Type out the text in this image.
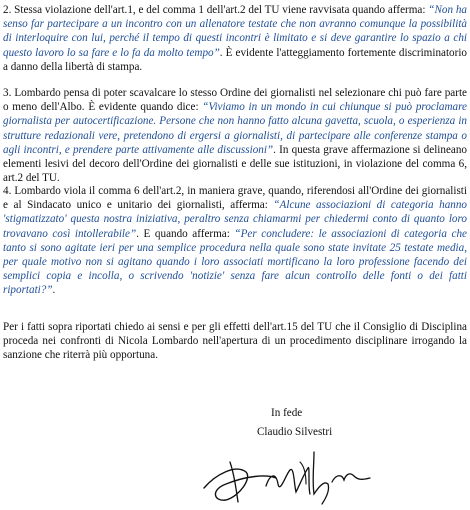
2. Stessa violazione dell'art.1, e del comma 1 dell'art.2 del TU viene ravvisata quando afferma: “Non ha senso far partecipare a un incontro con un allenatore testate che non avranno comunque la possibilità di interloquire con lui, perché il tempo di questi incontri è limitato e si deve garantire lo spazio a chi questo lavoro lo sa fare e lo fa da molto tempo”. È evidente l'atteggiamento fortemente discriminatorio a danno della libertà di stampa.

3. Lombardo pensa di poter scavalcare lo stesso Ordine dei giornalisti nel selezionare chi può fare parte o meno dell'Albo. È evidente quando dice: “Viviamo in un mondo in cui chiunque si può proclamare giornalista per autocertificazione. Persone che non hanno fatto alcuna gavetta, scuola, o esperienza in strutture redazionali vere, pretendono di ergersi a giornalisti, di partecipare alle conferenze stampa o agli incontri, e prendere parte attivamente alle discussioni”. In questa grave affermazione si delineano elementi lesivi del decoro dell'Ordine dei giornalisti e delle sue istituzioni, in violazione del comma 6, art.2 del TU.

4. Lombardo viola il comma 6 dell'art.2, in maniera grave, quando, riferendosi all'Ordine dei giornalisti e al Sindacato unico e unitario dei giornalisti, afferma: “Alcune associazioni di categoria hanno 'stigmatizzato' questa nostra iniziativa, peraltro senza chiamarmi per chiedermi conto di quanto loro trovavano così intollerabile”. E quando afferma: “Per concludere: le associazioni di categoria che tanto si sono agitate ieri per una semplice procedura nella quale sono state invitate 25 testate media, per quale motivo non si agitano quando i loro associati mortificano la loro professione facendo dei semplici copia e incolla, o scrivendo 'notizie' senza fare alcun controllo delle fonti o dei fatti riportati?”.

Per i fatti sopra riportati chiedo ai sensi e per gli effetti dell'art.15 del TU che il Consiglio di Disciplina proceda nei confronti di Nicola Lombardo nell'apertura di un procedimento disciplinare irrogando la sanzione che riterrà più opportuna.

In fede
Claudio Silvestri
